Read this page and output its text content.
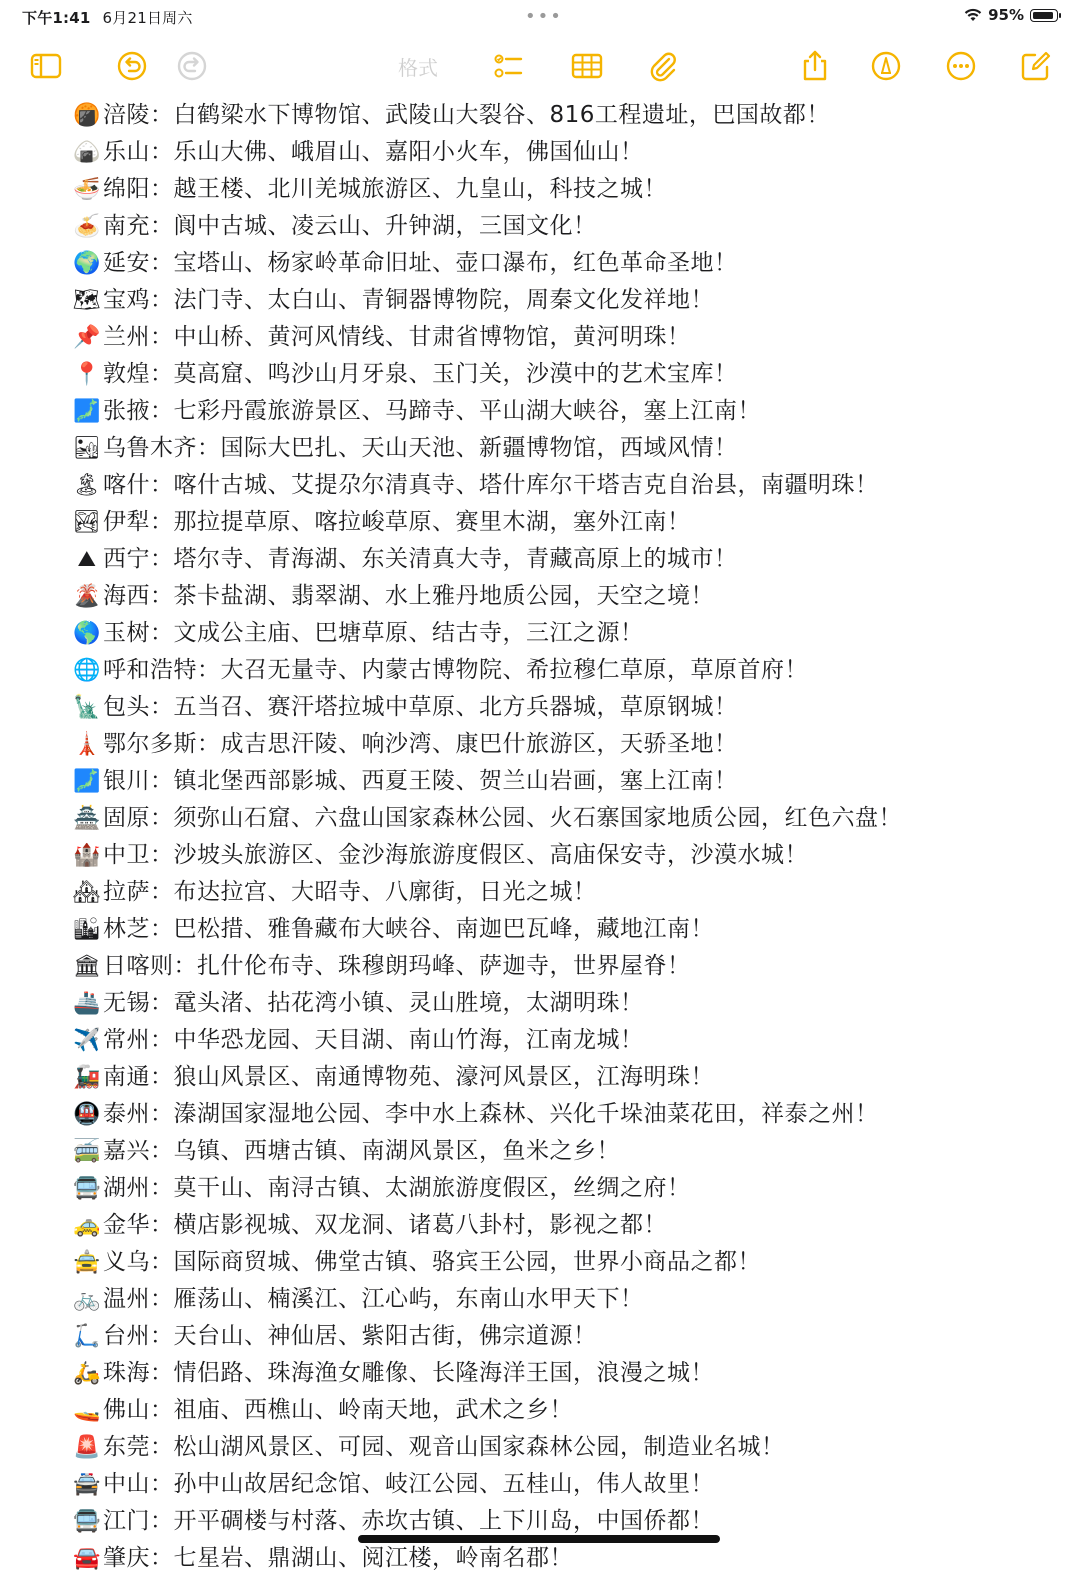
下午1:41 6月21日周六	•••	95%
格式
🍘涪陵：白鹤梁水下博物馆、武陵山大裂谷、816工程遗址，巴国故都！
🍙乐山：乐山大佛、峨眉山、嘉阳小火车，佛国仙山！
🍜绵阳：越王楼、北川羌城旅游区、九皇山，科技之城！
🍝南充：阆中古城、凌云山、升钟湖，三国文化！
🌍延安：宝塔山、杨家岭革命旧址、壶口瀑布，红色革命圣地！
🗺宝鸡：法门寺、太白山、青铜器博物院，周秦文化发祥地！
📌兰州：中山桥、黄河风情线、甘肃省博物馆，黄河明珠！
📍敦煌：莫高窟、鸣沙山月牙泉、玉门关，沙漠中的艺术宝库！
🗾张掖：七彩丹霞旅游景区、马蹄寺、平山湖大峡谷，塞上江南！
🏜乌鲁木齐：国际大巴扎、天山天池、新疆博物馆，西域风情！
🏝喀什：喀什古城、艾提尕尔清真寺、塔什库尔干塔吉克自治县，南疆明珠！
🏞伊犁：那拉提草原、喀拉峻草原、赛里木湖，塞外江南！
⛰ 西宁：塔尔寺、青海湖、东关清真大寺，青藏高原上的城市！
🌋海西：茶卡盐湖、翡翠湖、水上雅丹地质公园，天空之境！
🌎玉树：文成公主庙、巴塘草原、结古寺，三江之源！
🌐呼和浩特：大召无量寺、内蒙古博物院、希拉穆仁草原，草原首府！
🗽包头：五当召、赛汗塔拉城中草原、北方兵器城，草原钢城！
🗼鄂尔多斯：成吉思汗陵、响沙湾、康巴什旅游区，天骄圣地！
🗾银川：镇北堡西部影城、西夏王陵、贺兰山岩画，塞上江南！
🏯固原：须弥山石窟、六盘山国家森林公园、火石寨国家地质公园，红色六盘！
🏰中卫：沙坡头旅游区、金沙海旅游度假区、高庙保安寺，沙漠水城！
🏘拉萨：布达拉宫、大昭寺、八廓街，日光之城！
🏙林芝：巴松措、雅鲁藏布大峡谷、南迦巴瓦峰，藏地江南！
🏛日喀则：扎什伦布寺、珠穆朗玛峰、萨迦寺，世界屋脊！
🚢无锡：鼋头渚、拈花湾小镇、灵山胜境，太湖明珠！
✈️常州：中华恐龙园、天目湖、南山竹海，江南龙城！
🚂南通：狼山风景区、南通博物苑、濠河风景区，江海明珠！
🚇泰州：溱湖国家湿地公园、李中水上森林、兴化千垛油菜花田，祥泰之州！
🚎嘉兴：乌镇、西塘古镇、南湖风景区，鱼米之乡！
🚍湖州：莫干山、南浔古镇、太湖旅游度假区，丝绸之府！
🚕金华：横店影视城、双龙洞、诸葛八卦村，影视之都！
🚖义乌：国际商贸城、佛堂古镇、骆宾王公园，世界小商品之都！
🚲温州：雁荡山、楠溪江、江心屿，东南山水甲天下！
🛴台州：天台山、神仙居、紫阳古街，佛宗道源！
🛵珠海：情侣路、珠海渔女雕像、长隆海洋王国，浪漫之城！
🚤佛山：祖庙、西樵山、岭南天地，武术之乡！
🚨东莞：松山湖风景区、可园、观音山国家森林公园，制造业名城！
🚔中山：孙中山故居纪念馆、岐江公园、五桂山，伟人故里！
🚍江门：开平碉楼与村落、赤坎古镇、上下川岛，中国侨都！
🚘肇庆：七星岩、鼎湖山、阅江楼，岭南名郡！
